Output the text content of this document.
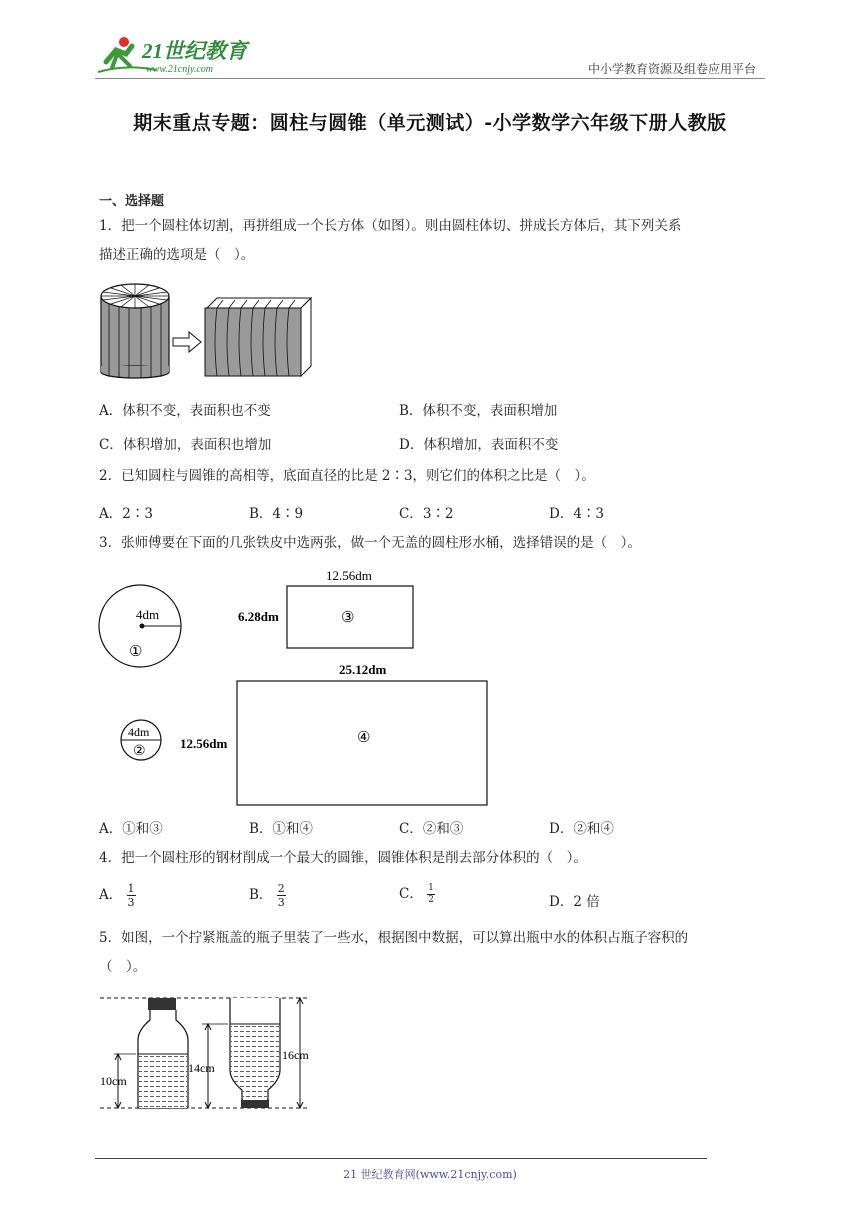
21世纪教育
www.21cnjy.com	中小学教育资源及组卷应用平台
期末重点专题：圆柱与圆锥（单元测试）-小学数学六年级下册人教版
一、选择题
1．把一个圆柱体切割，再拼组成一个长方体（如图）。则由圆柱体切、拼成长方体后，其下列关系
描述正确的选项是（　）。
A．体积不变，表面积也不变	B．体积不变，表面积增加
C．体积增加，表面积也增加	D．体积增加，表面积不变
2．已知圆柱与圆锥的高相等，底面直径的比是 2∶3，则它们的体积之比是（　）。
A．2∶3	B．4∶9	C．3∶2	D．4∶3
3．张师傅要在下面的几张铁皮中选两张，做一个无盖的圆柱形水桶，选择错误的是（　）。
4dm
①
12.56dm
6.28dm	③
25.12dm
12.56dm	④
4dm
②
A．①和③	B．①和④	C．②和③	D．②和④
4．把一个圆柱形的钢材削成一个最大的圆锥，圆锥体积是削去部分体积的（　）。
A． $\frac{1}{3}$	B． $\frac{2}{3}$	C． $\frac{1}{2}$	D．2 倍
5．如图，一个拧紧瓶盖的瓶子里装了一些水，根据图中数据，可以算出瓶中水的体积占瓶子容积的
（　）。
10cm
14cm
16cm
21 世纪教育网(www.21cnjy.com)
